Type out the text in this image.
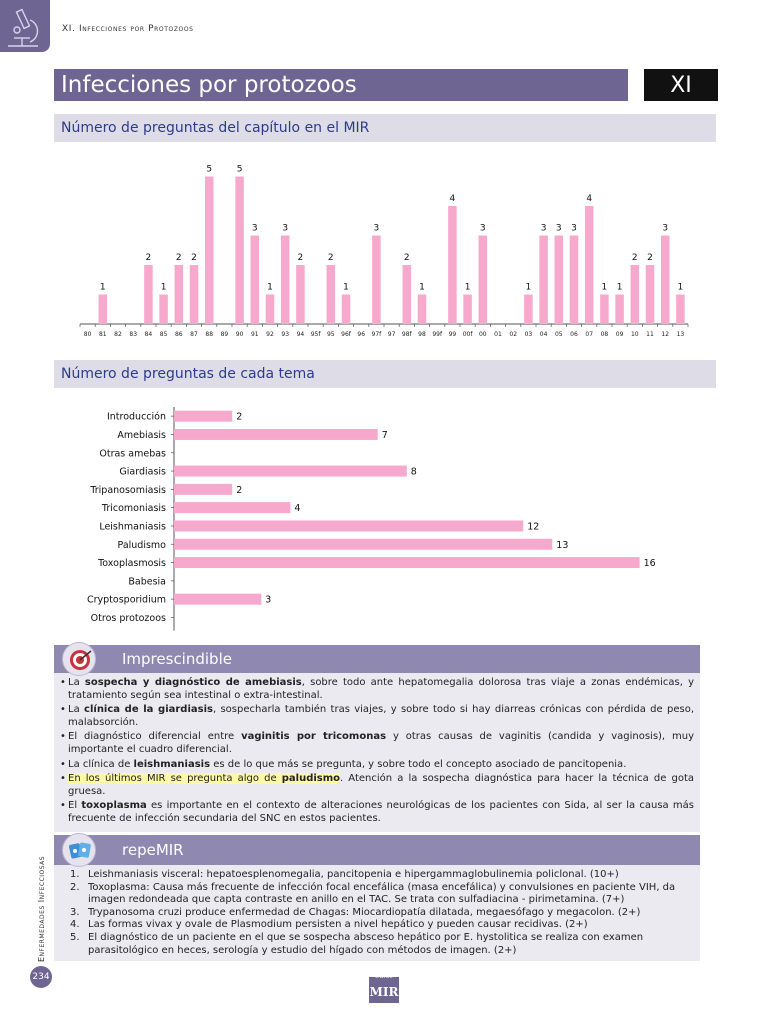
XI. Infecciones por Protozoos
Infecciones por protozoos	XI
Número de preguntas del capítulo en el MIR
80
1
81 82 83
2
84
1
85
2
86
2
87
5
88 89
5
90
3
91
1
92
3
93
2
94 95f
2
95
1
96f 96
3
97f 97
2
98f
1
98 99f
4
99
1
00f
3
00 01 02
1
03
3
04
3
05
3
06
4
07
1
08
1
09
2
10
2
11
3
12
1
13
Número de preguntas de cada tema
Introducción	2
Amebiasis	7
Otras amebas
Giardiasis	8
Tripanosomiasis	2
Tricomoniasis	4
Leishmaniasis	12
Paludismo	13
Toxoplasmosis	16
Babesia
Cryptosporidium	3
Otros protozoos
Imprescindible
• La sospecha y diagnóstico de amebiasis, sobre todo ante hepatomegalia dolorosa tras viaje a zonas endémicas, y tratamiento según sea intestinal o extra-intestinal.
• La clínica de la giardiasis, sospecharla también tras viajes, y sobre todo si hay diarreas crónicas con pérdida de peso, malabsorción.
• El diagnóstico diferencial entre vaginitis por tricomonas y otras causas de vaginitis (candida y vaginosis), muy importante el cuadro diferencial.
• La clínica de leishmaniasis es de lo que más se pregunta, y sobre todo el concepto asociado de pancitopenia.
• En los últimos MIR se pregunta algo de paludismo. Atención a la sospecha diagnóstica para hacer la técnica de gota gruesa.
• El toxoplasma es importante en el contexto de alteraciones neurológicas de los pacientes con Sida, al ser la causa más frecuente de infección secundaria del SNC en estos pacientes.
repeMIR
1. Leishmaniasis visceral: hepatoesplenomegalia, pancitopenia e hipergammaglobulinemia policlonal. (10+)
2. Toxoplasma: Causa más frecuente de infección focal encefálica (masa encefálica) y convulsiones en paciente VIH, da imagen redondeada que capta contraste en anillo en el TAC. Se trata con sulfadiacina - pirimetamina. (7+)
3. Trypanosoma cruzi produce enfermedad de Chagas: Miocardiopatía dilatada, megaesófago y megacolon. (2+)
4. Las formas vivax y ovale de Plasmodium persisten a nivel hepático y pueden causar recidivas. (2+)
5. El diagnóstico de un paciente en el que se sospecha absceso hepático por E. hystolitica se realiza con examen parasitológico en heces, serología y estudio del hígado con métodos de imagen. (2+)
Enfermedades Infecciosas
234	Curso
MIR
